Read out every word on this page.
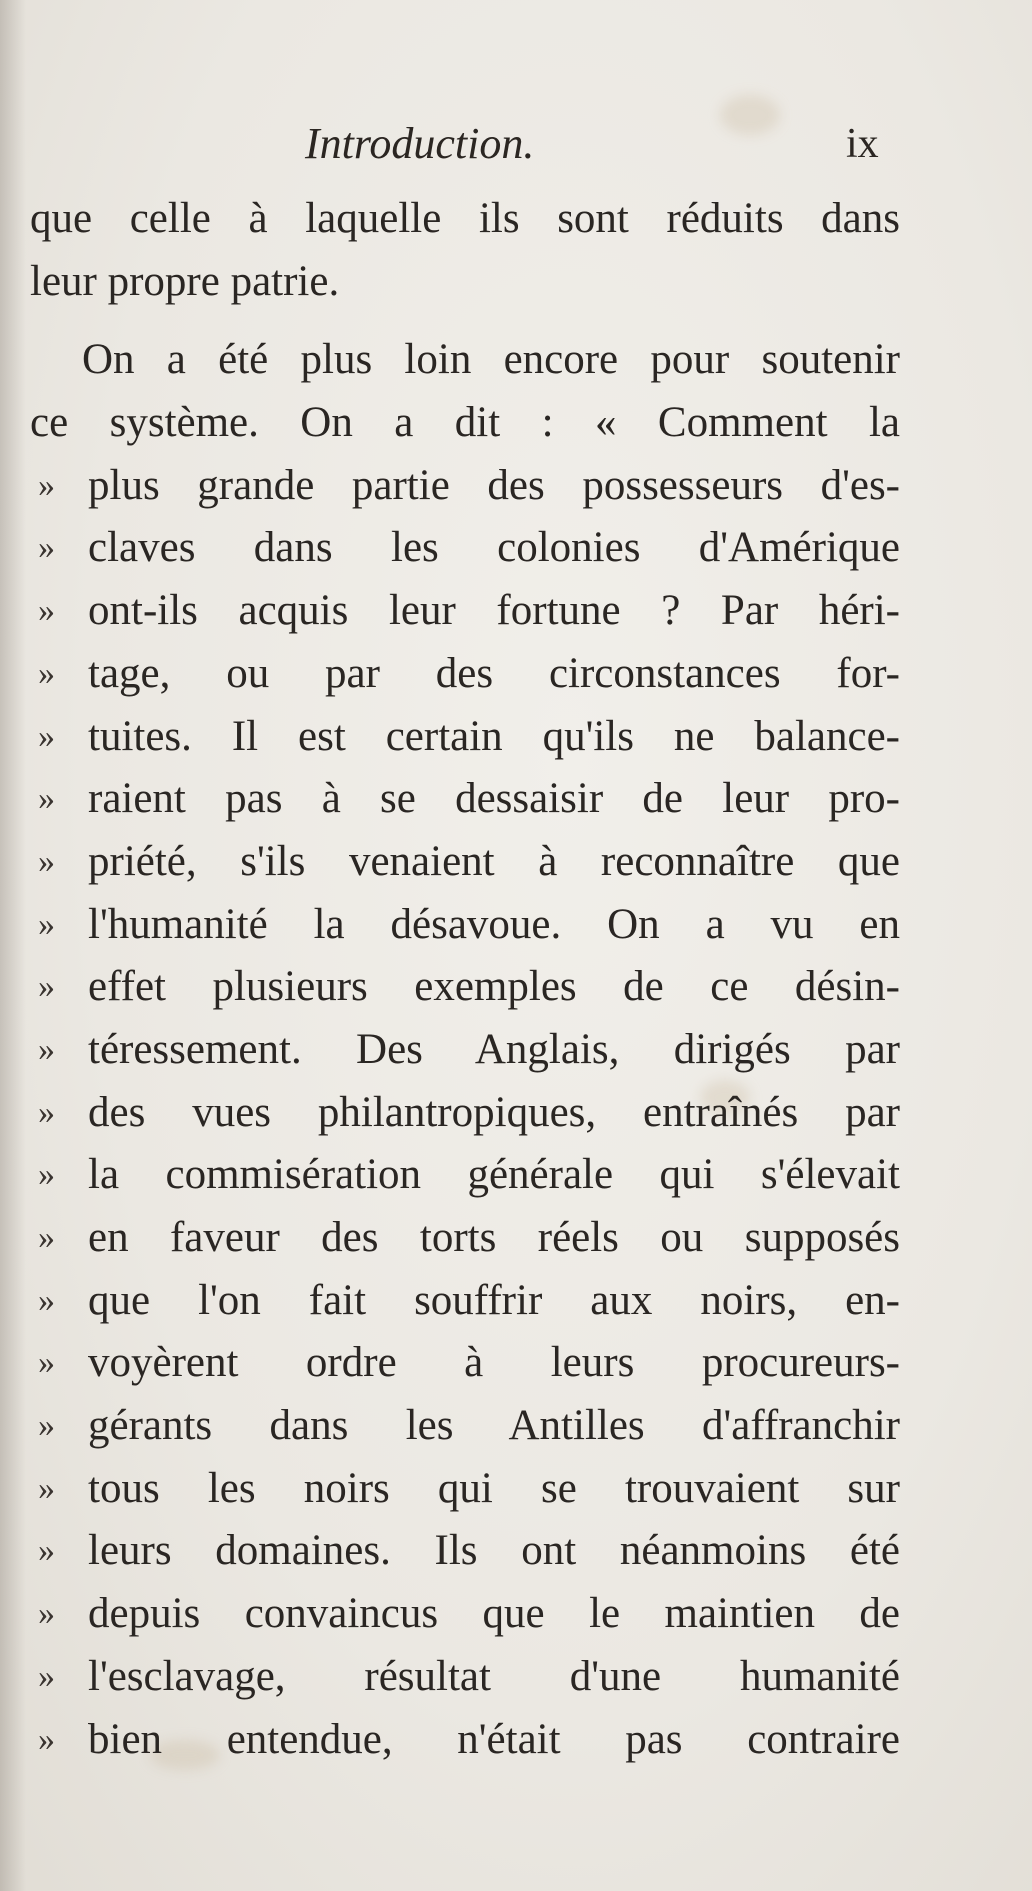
Introduction.	ix
que celle à laquelle ils sont réduits dans
leur propre patrie.
On a été plus loin encore pour soutenir
ce système. On a dit : « Comment la
» plus grande partie des possesseurs d'es-
» claves dans les colonies d'Amérique
» ont-ils acquis leur fortune ? Par héri-
» tage, ou par des circonstances for-
» tuites. Il est certain qu'ils ne balance-
» raient pas à se dessaisir de leur pro-
» priété, s'ils venaient à reconnaître que
» l'humanité la désavoue. On a vu en
» effet plusieurs exemples de ce désin-
» téressement. Des Anglais, dirigés par
» des vues philantropiques, entraînés par
» la commisération générale qui s'élevait
» en faveur des torts réels ou supposés
» que l'on fait souffrir aux noirs, en-
» voyèrent ordre à leurs procureurs-
» gérants dans les Antilles d'affranchir
» tous les noirs qui se trouvaient sur
» leurs domaines. Ils ont néanmoins été
» depuis convaincus que le maintien de
» l'esclavage, résultat d'une humanité
» bien entendue, n'était pas contraire
